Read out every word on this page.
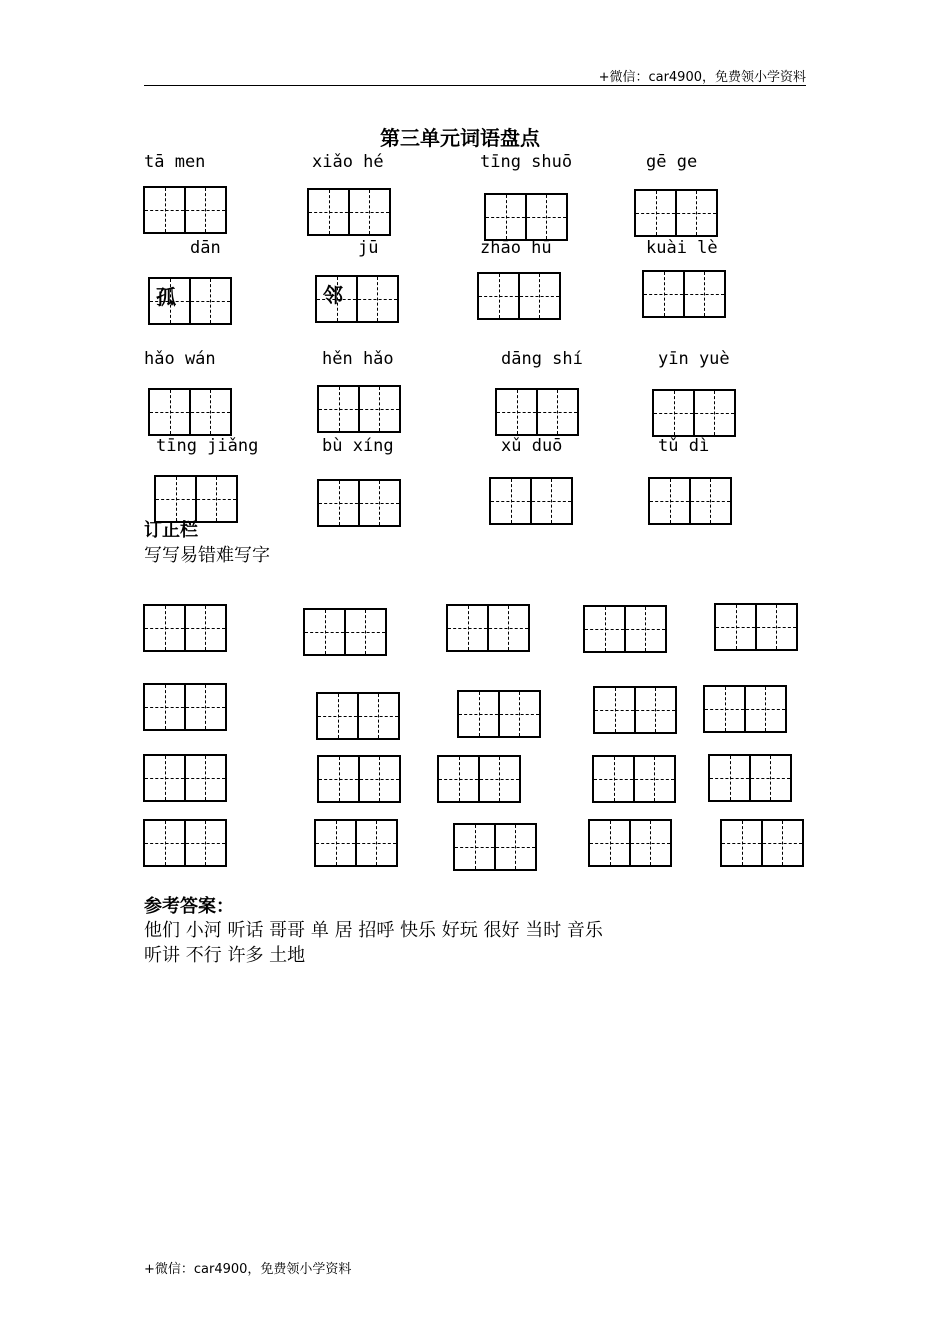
+微信：car4900，免费领小学资料
第三单元词语盘点
tā men	xiǎo hé	tīng shuō	gē ge
dān	jū	zhāo hū	kuài lè
孤	邻
hǎo wán	hěn hǎo	dāng shí	yīn yuè
tīng jiǎng	bù xíng	xǔ duō	tǔ dì
订正栏
写写易错难写字
参考答案：
他们 小河 听话 哥哥 单 居 招呼 快乐 好玩 很好 当时 音乐
听讲 不行 许多 土地
+微信：car4900，免费领小学资料
